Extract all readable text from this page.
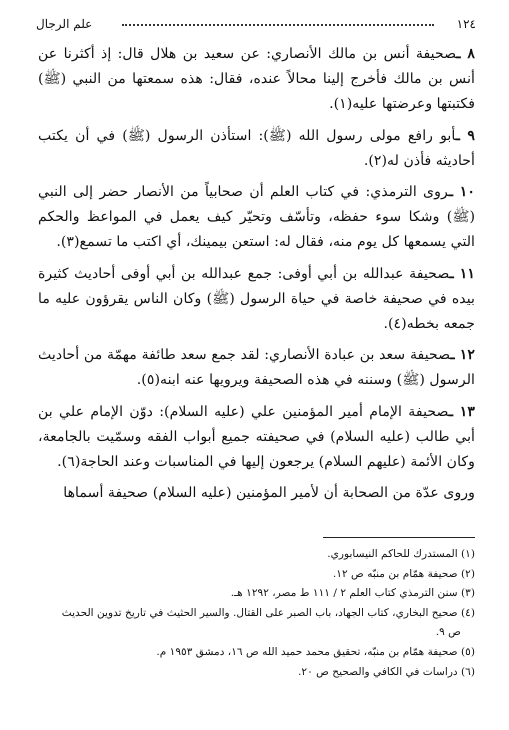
١٢٤
علم الرجال

٨ ـصحيفة أنس بن مالك الأنصاري: عن سعيد بن هلال قال: إذ أكثرنا عن أنس بن مالك فأخرج إلينا محالاً عنده، فقال: هذه سمعتها من النبي (ﷺ) فكتبتها وعرضتها عليه(١).

٩ ـأبو رافع مولى رسول الله (ﷺ): استأذن الرسول (ﷺ) في أن يكتب أحاديثه فأذن له(٢).

١٠ ـروى الترمذي: في كتاب العلم أن صحابياً من الأنصار حضر إلى النبي (ﷺ) وشكا سوء حفظه، وتأسّف وتحيّر كيف يعمل في المواعظ والحكم التي يسمعها كل يوم منه، فقال له: استعن بيمينك، أي اكتب ما تسمع(٣).

١١ ـصحيفة عبدالله بن أبي أوفى: جمع عبدالله بن أبي أوفى أحاديث كثيرة بيده في صحيفة خاصة في حياة الرسول (ﷺ) وكان الناس يقرؤون عليه ما جمعه بخطه(٤).

١٢ ـصحيفة سعد بن عبادة الأنصاري: لقد جمع سعد طائفة مهمّة من أحاديث الرسول (ﷺ) وسننه في هذه الصحيفة ويرويها عنه ابنه(٥).

١٣ ـصحيفة الإمام أمير المؤمنين علي (عليه السلام): دوّن الإمام علي بن أبي طالب (عليه السلام) في صحيفته جميع أبواب الفقه وسمّيت بالجامعة، وكان الأئمة (عليهم السلام) يرجعون إليها في المناسبات وعند الحاجة(٦).

وروى عدّة من الصحابة أن لأمير المؤمنين (عليه السلام) صحيفة أسماها

(١) المستدرك للحاكم النيسابوري.

(٢) صحيفة همّام بن منبّه ص ١٢.

(٣) سنن الترمذي كتاب العلم ٢ / ١١١ ط مصر، ١٢٩٢ هـ.

(٤) صحيح البخاري، كتاب الجهاد، باب الصبر على القتال. والسير الحثيث في تاريخ تدوين الحديث

ص ٩.

(٥) صحيفة همّام بن منبّه، تحقيق محمد حميد الله ص ١٦، دمشق ١٩٥٣ م.

(٦) دراسات في الكافي والصحيح ص ٢٠.
